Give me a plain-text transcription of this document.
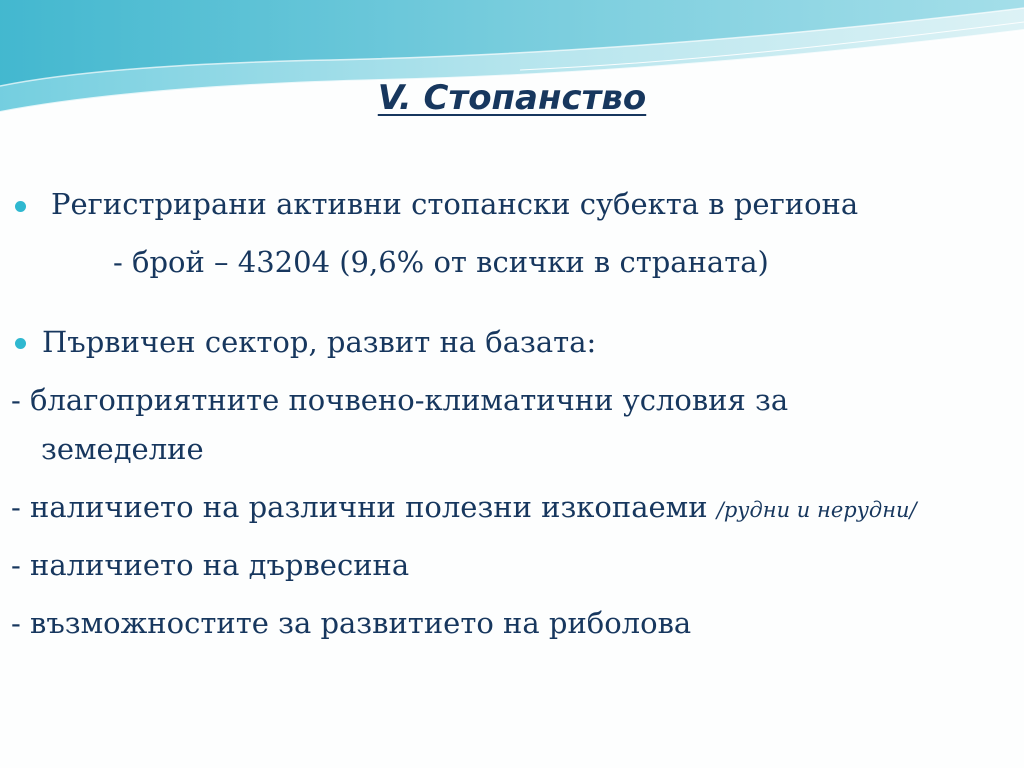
V. Стопанство
Регистрирани активни стопански субекта в региона
- брой – 43204 (9,6% от всички в страната)
Първичен сектор, развит на базата:
- благоприятните почвено-климатични условия за
земеделие
- наличието на различни полезни изкопаеми /рудни и нерудни/
- наличието на дървесина
- възможностите за развитието на риболова
